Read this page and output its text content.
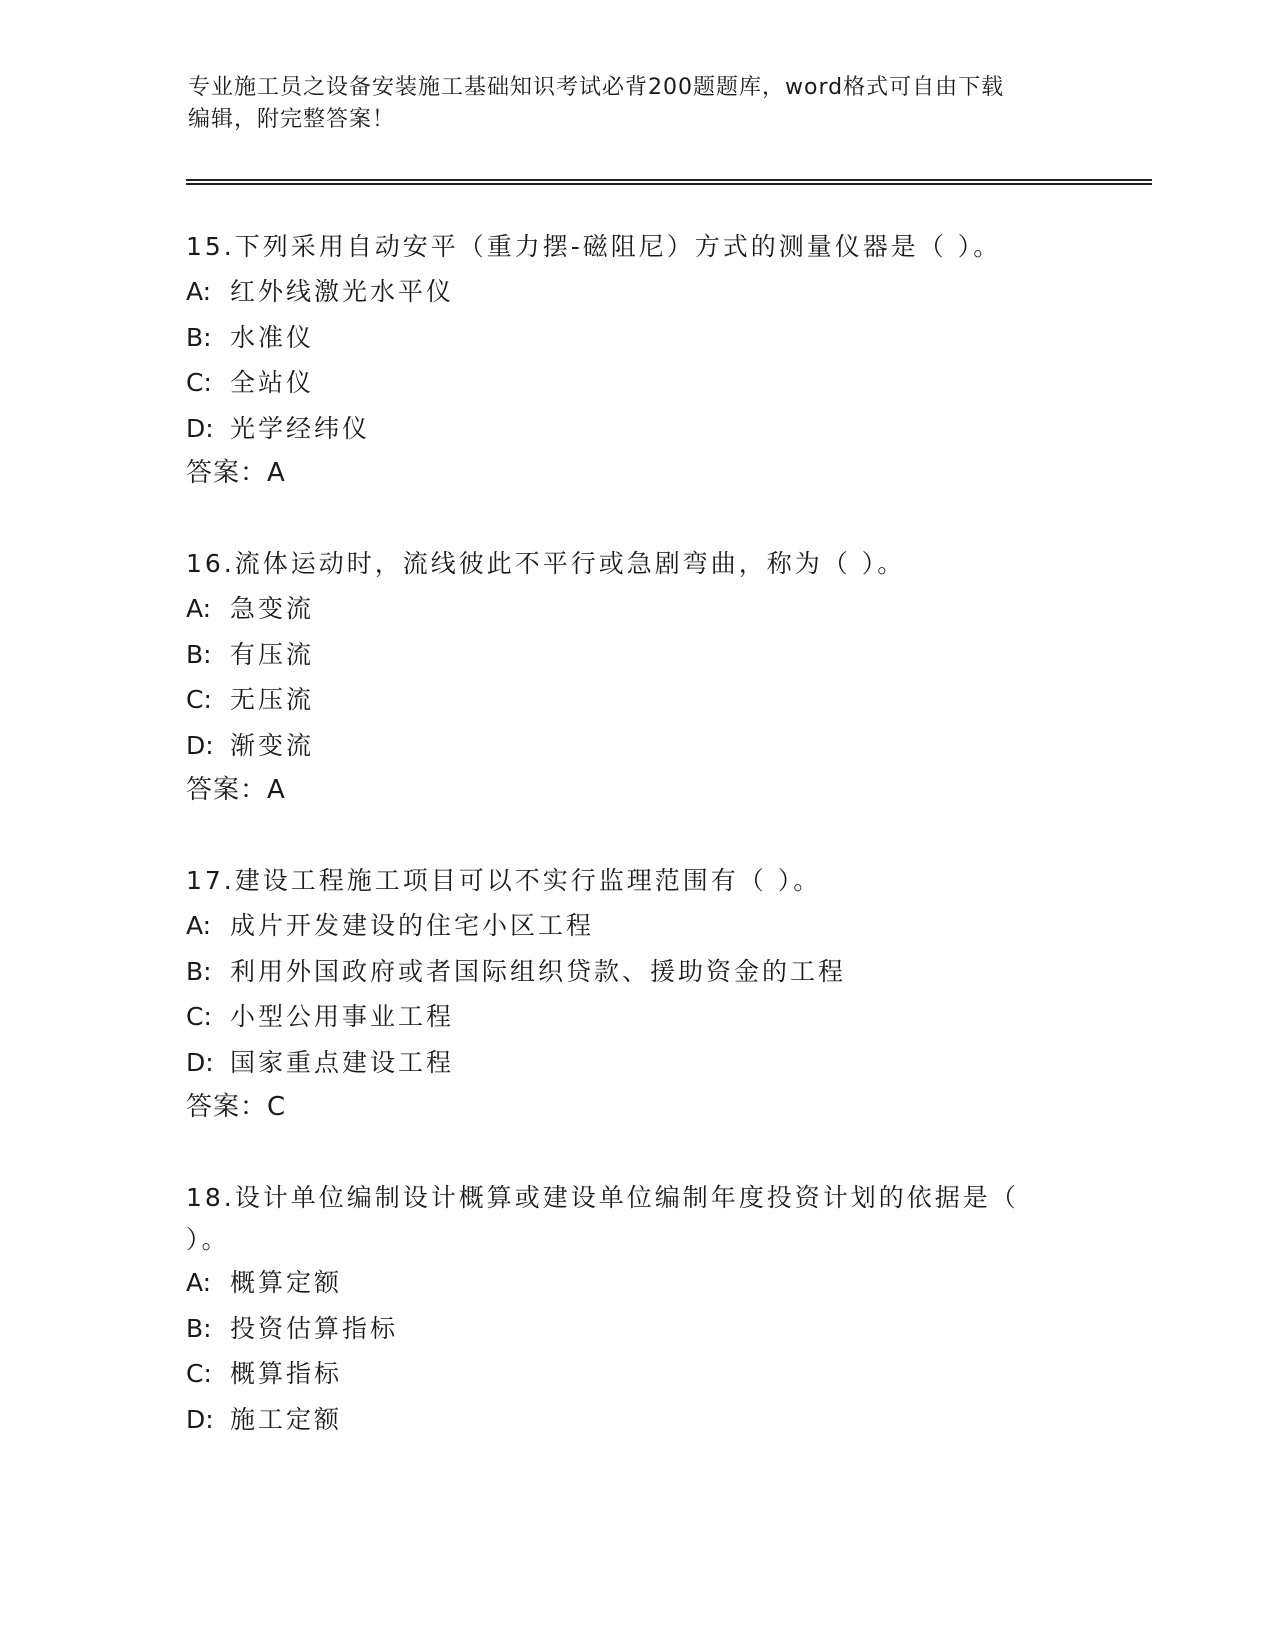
专业施工员之设备安装施工基础知识考试必背200题题库，word格式可自由下载
编辑，附完整答案！
15.下列采用自动安平（重力摆-磁阻尼）方式的测量仪器是（ ）。
A: 红外线激光水平仪
B: 水准仪
C: 全站仪
D: 光学经纬仪
答案：A
16.流体运动时，流线彼此不平行或急剧弯曲，称为（ ）。
A: 急变流
B: 有压流
C: 无压流
D: 渐变流
答案：A
17.建设工程施工项目可以不实行监理范围有（ ）。
A: 成片开发建设的住宅小区工程
B: 利用外国政府或者国际组织贷款、援助资金的工程
C: 小型公用事业工程
D: 国家重点建设工程
答案：C
18.设计单位编制设计概算或建设单位编制年度投资计划的依据是（
）。
A: 概算定额
B: 投资估算指标
C: 概算指标
D: 施工定额
